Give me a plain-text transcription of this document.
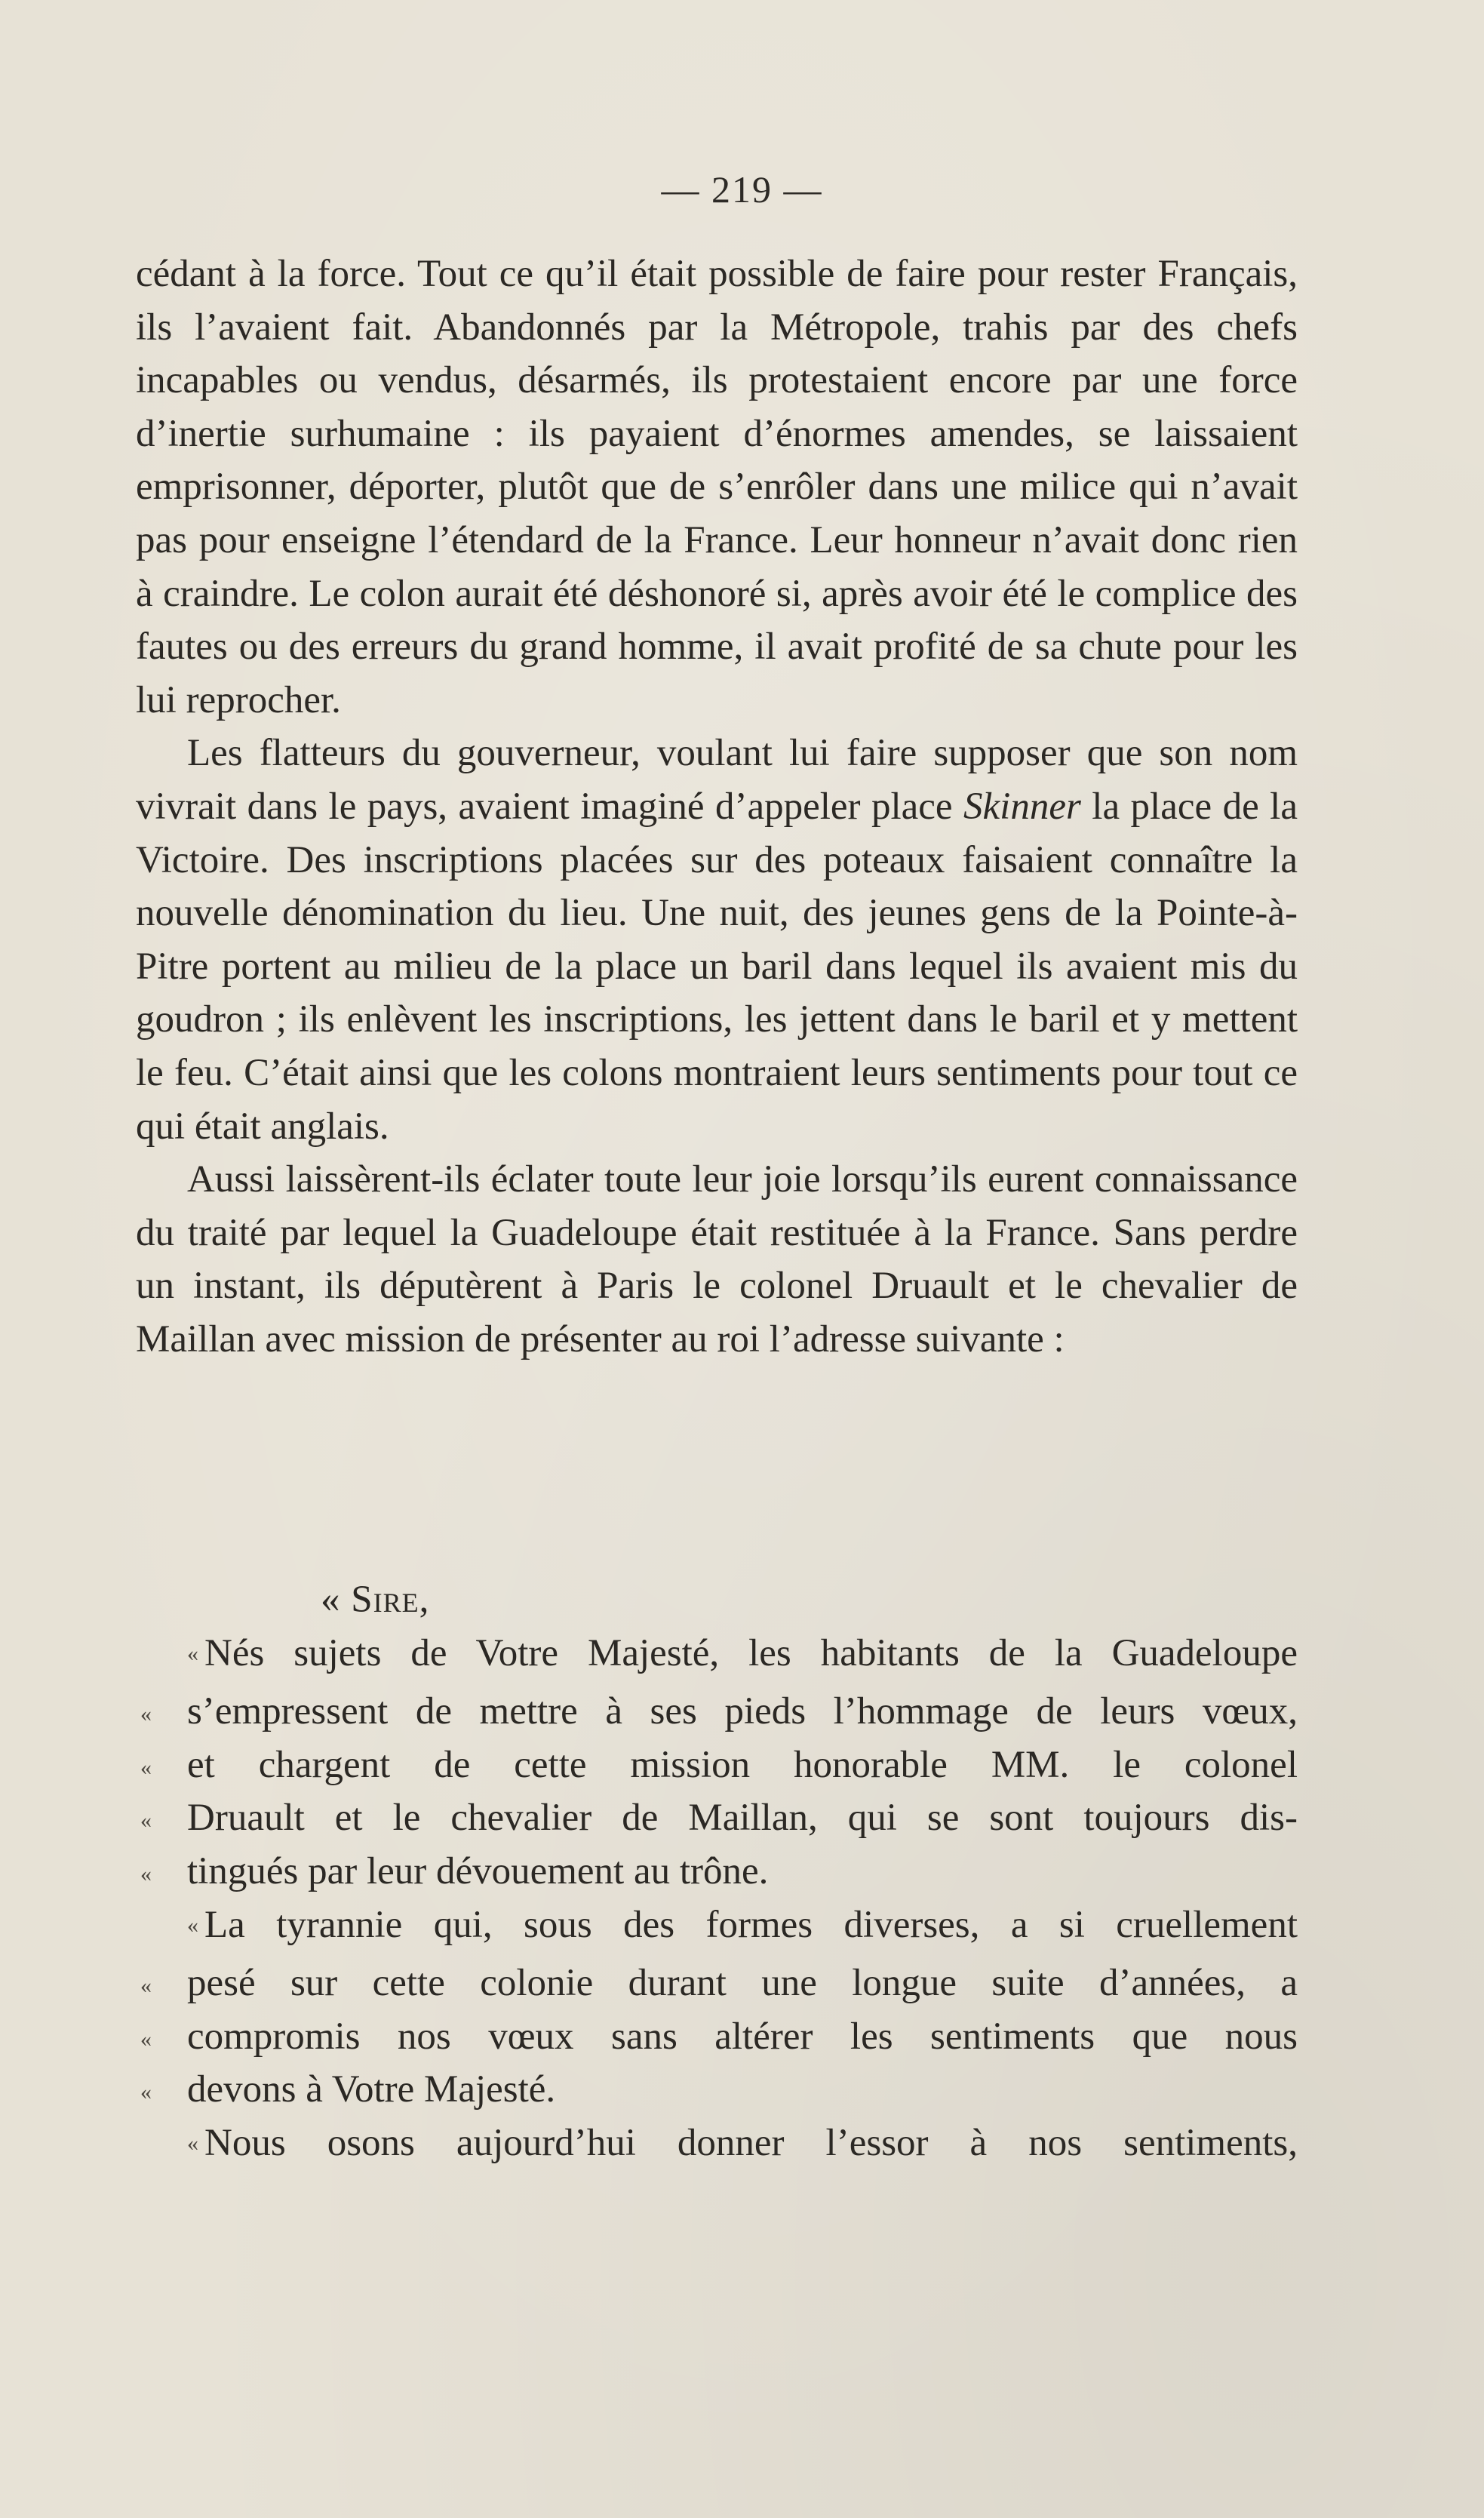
— 219 —

cédant à la force. Tout ce qu’il était possible de faire pour rester Français, ils l’avaient fait. Abandonnés par la Métropole, trahis par des chefs incapables ou vendus, désarmés, ils protestaient encore par une force d’inertie surhumaine : ils payaient d’énormes amendes, se laissaient emprisonner, déporter, plutôt que de s’enrôler dans une milice qui n’avait pas pour enseigne l’étendard de la France. Leur honneur n’avait donc rien à craindre. Le colon aurait été déshonoré si, après avoir été le complice des fautes ou des erreurs du grand homme, il avait profité de sa chute pour les lui reprocher.

Les flatteurs du gouverneur, voulant lui faire supposer que son nom vivrait dans le pays, avaient imaginé d’appeler place Skinner la place de la Victoire. Des inscriptions placées sur des poteaux faisaient connaître la nouvelle dénomination du lieu. Une nuit, des jeunes gens de la Pointe-à-Pitre portent au milieu de la place un baril dans lequel ils avaient mis du goudron ; ils enlèvent les inscriptions, les jettent dans le baril et y mettent le feu. C’était ainsi que les colons montraient leurs sentiments pour tout ce qui était anglais.

Aussi laissèrent-ils éclater toute leur joie lorsqu’ils eurent connaissance du traité par lequel la Guadeloupe était restituée à la France. Sans perdre un instant, ils députèrent à Paris le colonel Druault et le chevalier de Maillan avec mission de présenter au roi l’adresse suivante :

« Sire,

« Nés sujets de Votre Majesté, les habitants de la Guadeloupe
« s’empressent de mettre à ses pieds l’hommage de leurs vœux,
« et chargent de cette mission honorable MM. le colonel
« Druault et le chevalier de Maillan, qui se sont toujours dis-
« tingués par leur dévouement au trône.
« La tyrannie qui, sous des formes diverses, a si cruellement
« pesé sur cette colonie durant une longue suite d’années, a
« compromis nos vœux sans altérer les sentiments que nous
« devons à Votre Majesté.
« Nous osons aujourd’hui donner l’essor à nos sentiments,
